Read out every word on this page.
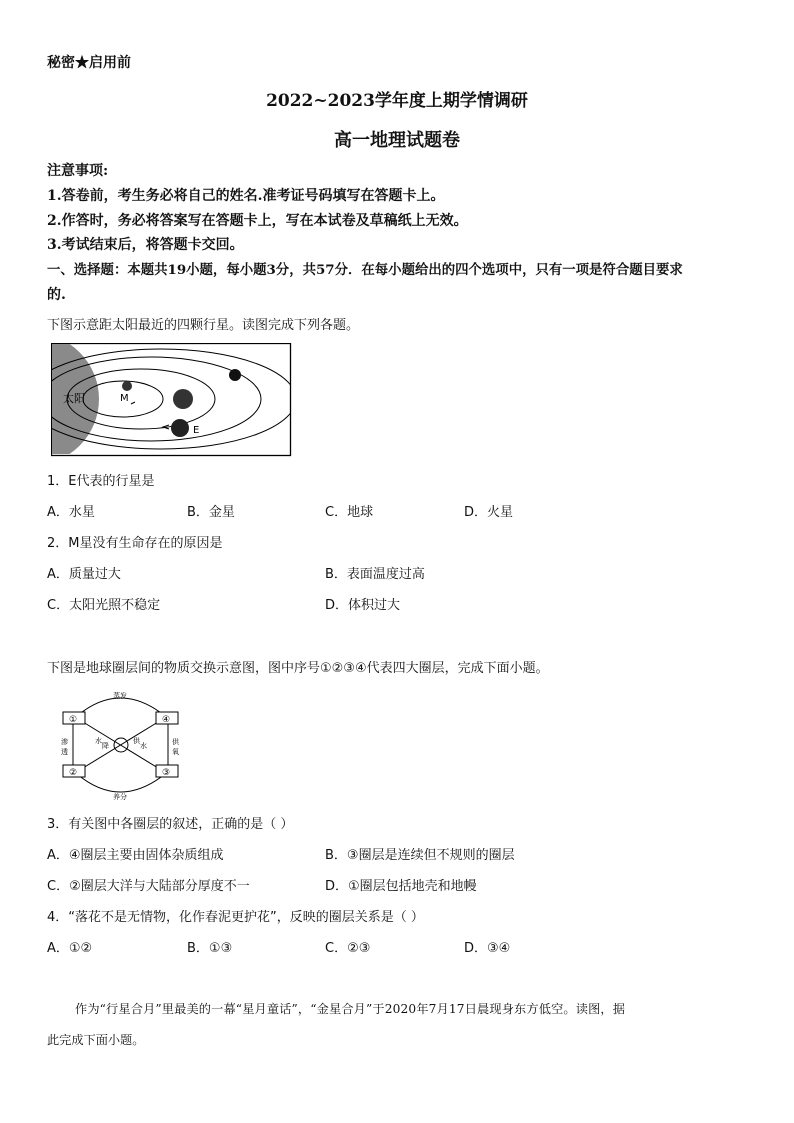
秘密★启用前
2022~2023学年度上期学情调研
高一地理试题卷
注意事项:
1.答卷前，考生务必将自己的姓名.准考证号码填写在答题卡上。
2.作答时，务必将答案写在答题卡上，写在本试卷及草稿纸上无效。
3.考试结束后，将答题卡交回。
一、选择题：本题共19小题，每小题3分，共57分．在每小题给出的四个选项中，只有一项是符合题目要求
的.
下图示意距太阳最近的四颗行星。读图完成下列各题。
太阳	M
E
1．E代表的行星是
A．水星	B．金星	C．地球	D．火星
2．M星没有生命存在的原因是
A．质量过大	B．表面温度过高
C．太阳光照不稳定	D．体积过大
下图是地球圈层间的物质交换示意图，图中序号①②③④代表四大圈层，完成下面小题。
①	④
②	③
蒸发
养分
渗
透
供
氧
水
降
供
水
3．有关图中各圈层的叙述，正确的是（ ）
A．④圈层主要由固体杂质组成	B．③圈层是连续但不规则的圈层
C．②圈层大洋与大陆部分厚度不一	D．①圈层包括地壳和地幔
4．“落花不是无情物，化作春泥更护花”，反映的圈层关系是（ ）
A．①②	B．①③	C．②③	D．③④
作为“行星合月”里最美的一幕“星月童话”，“金星合月”于2020年7月17日晨现身东方低空。读图，据
此完成下面小题。
